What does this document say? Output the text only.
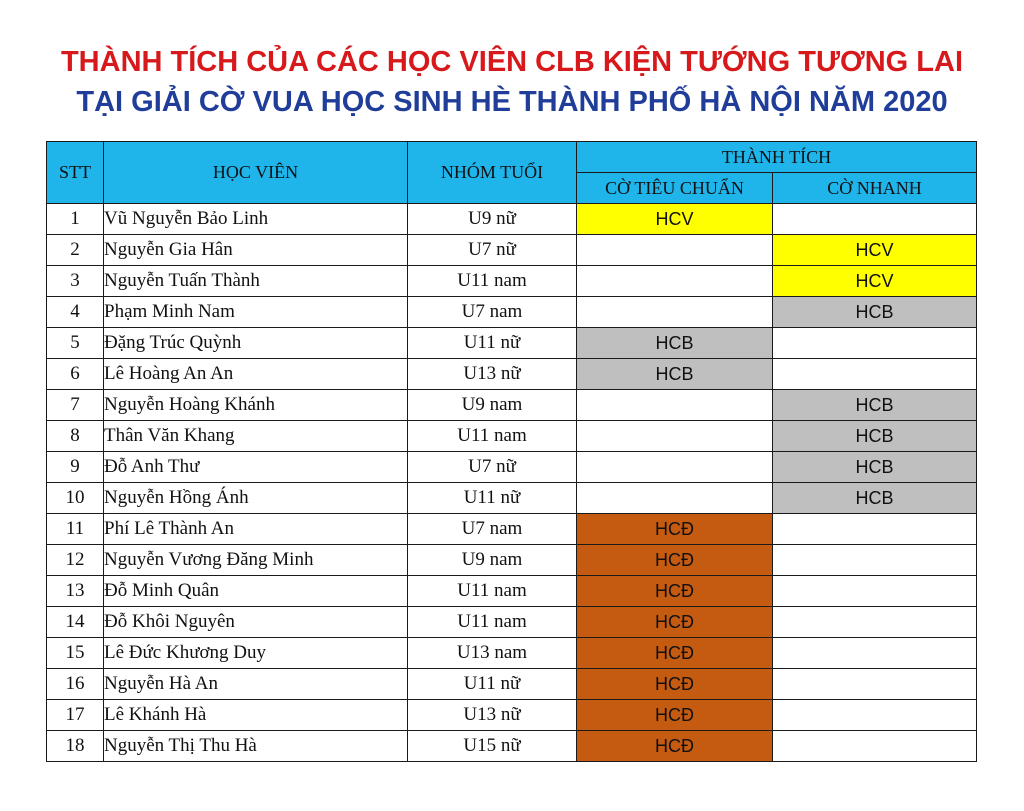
THÀNH TÍCH CỦA CÁC HỌC VIÊN CLB KIỆN TƯỚNG TƯƠNG LAI
TẠI GIẢI CỜ VUA HỌC SINH HÈ THÀNH PHỐ HÀ NỘI NĂM 2020
STT	HỌC VIÊN	NHÓM TUỔI	THÀNH TÍCH	
			CỜ TIÊU CHUẨN	CỜ NHANH
1	Vũ Nguyễn Bảo Linh	U9 nữ	HCV	
2	Nguyễn Gia Hân	U7 nữ		HCV
3	Nguyễn Tuấn Thành	U11 nam		HCV
4	Phạm Minh Nam	U7 nam		HCB
5	Đặng Trúc Quỳnh	U11 nữ	HCB	
6	Lê Hoàng An An	U13 nữ	HCB	
7	Nguyễn Hoàng Khánh	U9 nam		HCB
8	Thân Văn Khang	U11 nam		HCB
9	Đỗ Anh Thư	U7 nữ		HCB
10	Nguyễn Hồng Ánh	U11 nữ		HCB
11	Phí Lê Thành An	U7 nam	HCĐ	
12	Nguyễn Vương Đăng Minh	U9 nam	HCĐ	
13	Đỗ Minh Quân	U11 nam	HCĐ	
14	Đỗ Khôi Nguyên	U11 nam	HCĐ	
15	Lê Đức Khương Duy	U13 nam	HCĐ	
16	Nguyễn Hà An	U11 nữ	HCĐ	
17	Lê Khánh Hà	U13 nữ	HCĐ	
18	Nguyễn Thị Thu Hà	U15 nữ	HCĐ	
